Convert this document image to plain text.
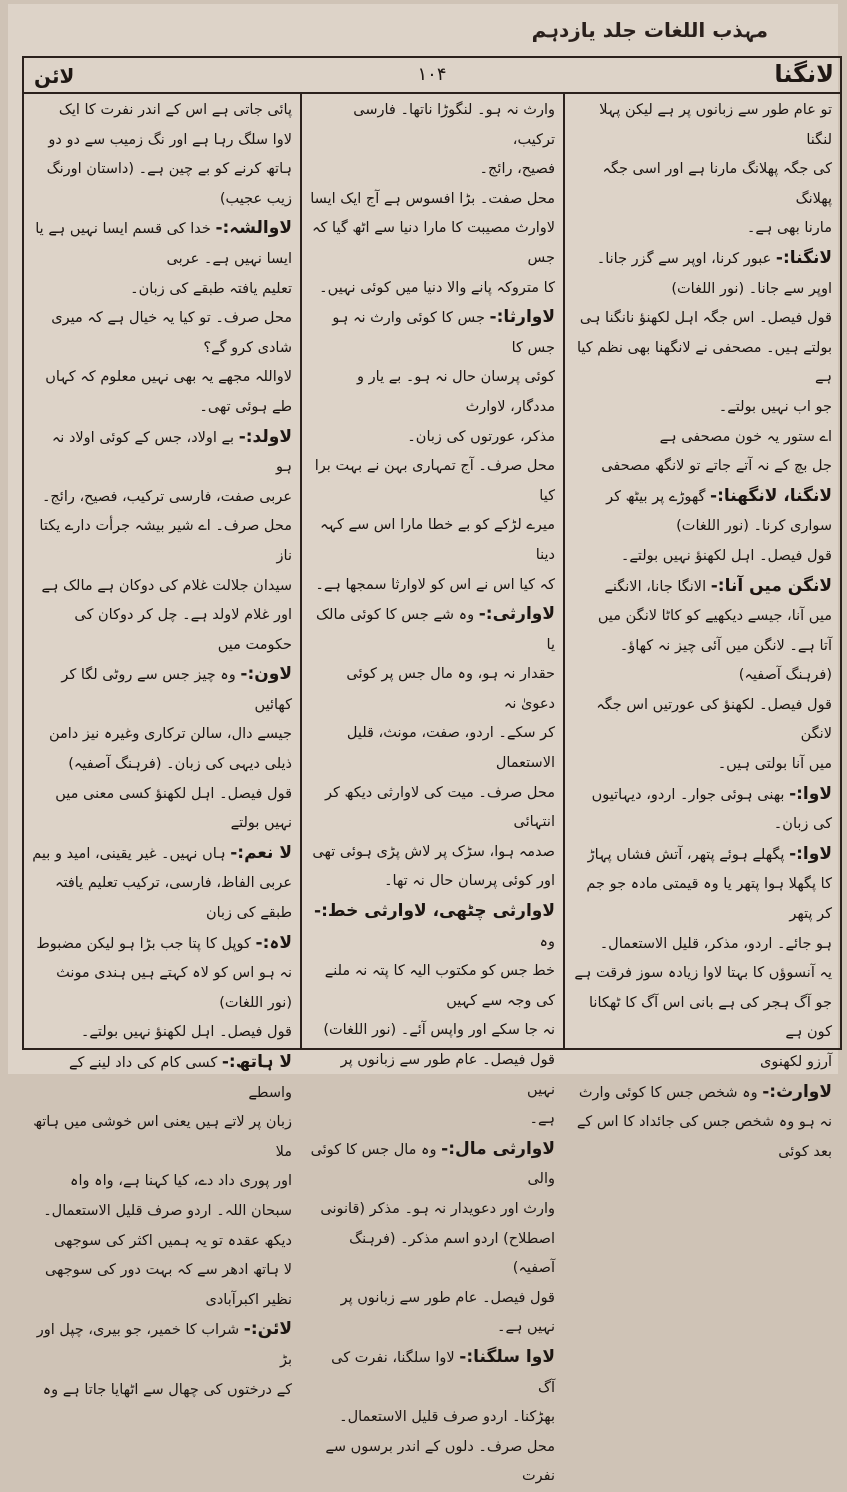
مہذب اللغات جلد یازدہم
لانگنا
۱۰۴
لائن

تو عام طور سے زبانوں پر ہے لیکن پہلا لنگنا

کی جگہ پھلانگ مارنا ہے اور اسی جگہ پھلانگ

مارنا بھی ہے۔

لانگنا:- عبور کرنا، اوپر سے گزر جانا۔

اوپر سے جانا۔ (نور اللغات)

قول فیصل۔ اس جگہ اہل لکھنؤ نانگنا ہی

بولتے ہیں۔ مصحفی نے لانگھنا بھی نظم کیا ہے

جو اب نہیں بولتے۔

اے ستور یہ خون مصحفی ہے

جل بچ کے نہ آتے جاتے تو لانگھ مصحفی

لانگنا، لانگھنا:- گھوڑے پر بیٹھ کر

سواری کرنا۔ (نور اللغات)

قول فیصل۔ اہل لکھنؤ نہیں بولتے۔

لانگن میں آنا:- الانگا جانا، الانگنے

میں آنا، جیسے دیکھیے کو کاٹا لانگن میں

آتا ہے۔ لانگن میں آئی چیز نہ کھاؤ۔

(فرہنگ آصفیہ)

قول فیصل۔ لکھنؤ کی عورتیں اس جگہ لانگن

میں آنا بولتی ہیں۔

لاوا:- بھنی ہوئی جوار۔ اردو، دیہاتیوں

کی زبان۔

لاوا:- پگھلے ہوئے پتھر، آتش فشاں پہاڑ

کا پگھلا ہوا پتھر یا وہ قیمتی مادہ جو جم کر پتھر

ہو جائے۔ اردو، مذکر، قلیل الاستعمال۔

یہ آنسوؤں کا بہتا لاوا زیادہ سوز فرقت ہے

جو آگ ہجر کی ہے بانی اس آگ کا ٹھکانا کون ہے

آرزو لکھنوی

لاوارث:- وہ شخص جس کا کوئی وارث

نہ ہو وہ شخص جس کی جائداد کا اس کے بعد کوئی

وارث نہ ہو۔ لنگوڑا ناتھا۔ فارسی ترکیب،

فصیح، رائج۔

محل صفت۔ بڑا افسوس ہے آج ایک ایسا

لاوارث مصیبت کا مارا دنیا سے اٹھ گیا کہ جس

کا متروکہ پانے والا دنیا میں کوئی نہیں۔

لاوارثا:- جس کا کوئی وارث نہ ہو جس کا

کوئی پرسان حال نہ ہو۔ بے یار و مددگار، لاوارث

مذکر، عورتوں کی زبان۔

محل صرف۔ آج تمہاری بہن نے بہت برا کیا

میرے لڑکے کو بے خطا مارا اس سے کہہ دینا

کہ کیا اس نے اس کو لاوارثا سمجھا ہے۔

لاوارثی:- وہ شے جس کا کوئی مالک یا

حقدار نہ ہو، وہ مال جس پر کوئی دعویٰ نہ

کر سکے۔ اردو، صفت، مونث، قلیل الاستعمال

محل صرف۔ میت کی لاوارثی دیکھ کر انتہائی

صدمہ ہوا، سڑک پر لاش پڑی ہوئی تھی

اور کوئی پرسان حال نہ تھا۔

لاوارثی چٹھی، لاوارثی خط:- وہ

خط جس کو مکتوب الیہ کا پتہ نہ ملنے کی وجہ سے کہیں

نہ جا سکے اور واپس آئے۔ (نور اللغات)

قول فیصل۔ عام طور سے زبانوں پر نہیں

ہے۔

لاوارثی مال:- وہ مال جس کا کوئی والی

وارث اور دعویدار نہ ہو۔ مذکر (قانونی

اصطلاح) اردو اسم مذکر۔ (فرہنگ آصفیہ)

قول فیصل۔ عام طور سے زبانوں پر نہیں ہے۔

لاوا سلگنا:- لاوا سلگنا، نفرت کی آگ

بھڑکنا۔ اردو صرف قلیل الاستعمال۔

محل صرف۔ دلوں کے اندر برسوں سے نفرت

پائی جاتی ہے اس کے اندر نفرت کا ایک

لاوا سلگ رہا ہے اور نگ زمیب سے دو دو

ہاتھ کرنے کو بے چین ہے۔ (داستان اورنگ زیب عجیب)

لاوالشہ:- خدا کی قسم ایسا نہیں ہے یا ایسا نہیں ہے۔ عربی

تعلیم یافتہ طبقے کی زبان۔

محل صرف۔ تو کیا یہ خیال ہے کہ میری شادی کرو گے؟

لاواللہ مجھے یہ بھی نہیں معلوم کہ کہاں طے ہوئی تھی۔

لاولد:- بے اولاد، جس کے کوئی اولاد نہ ہو

عربی صفت، فارسی ترکیب، فصیح، رائج۔

محل صرف۔ اے شیر بیشہ جرأت دارے یکتا ناز

سیدان جلالت غلام کی دوکان ہے مالک ہے

اور غلام لاولد ہے۔ چل کر دوکان کی حکومت میں

لاون:- وہ چیز جس سے روٹی لگا کر کھائیں

جیسے دال، سالن ترکاری وغیرہ نیز دامن

ذیلی دیہی کی زبان۔ (فرہنگ آصفیہ)

قول فیصل۔ اہل لکھنؤ کسی معنی میں نہیں بولتے

لا نعم:- ہاں نہیں۔ غیر یقینی، امید و بیم

عربی الفاظ، فارسی، ترکیب تعلیم یافتہ طبقے کی زبان

لاہ:- کوپل کا پتا جب بڑا ہو لیکن مضبوط

نہ ہو اس کو لاہ کہتے ہیں ہندی مونث (نور اللغات)

قول فیصل۔ اہل لکھنؤ نہیں بولتے۔

لا ہاتھ:- کسی کام کی داد لینے کے واسطے

زبان پر لاتے ہیں یعنی اس خوشی میں ہاتھ ملا

اور پوری داد دے، کیا کہنا ہے، واہ واہ

سبحان اللہ۔ اردو صرف قلیل الاستعمال۔

دیکھ عقدہ تو یہ ہمیں اکثر کی سوجھی

لا ہاتھ ادھر سے کہ بہت دور کی سوجھی نظیر اکبرآبادی

لائن:- شراب کا خمیر، جو بیری، چپل اور بڑ

کے درختوں کی چھال سے اٹھایا جاتا ہے وہ
